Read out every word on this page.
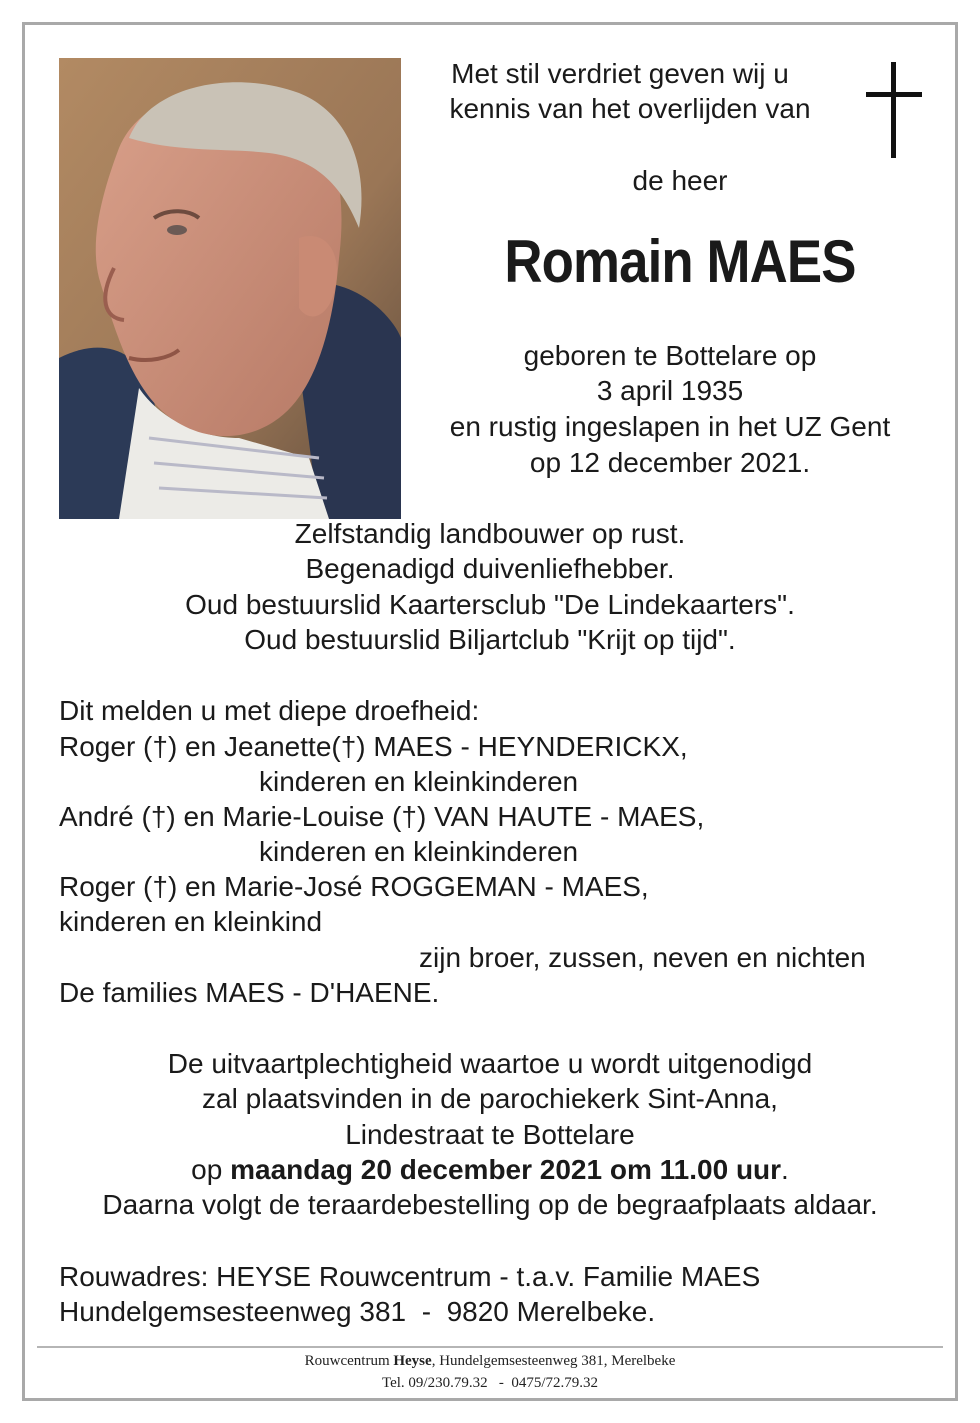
Met stil verdriet geven wij u
kennis van het overlijden van
de heer
Romain MAES
geboren te Bottelare op
3 april 1935
en rustig ingeslapen in het UZ Gent
op 12 december 2021.
Zelfstandig landbouwer op rust.
Begenadigd duivenliefhebber.
Oud bestuurslid Kaartersclub "De Lindekaarters".
Oud bestuurslid Biljartclub "Krijt op tijd".
Dit melden u met diepe droefheid:
Roger (†) en Jeanette(†) MAES - HEYNDERICKX,
kinderen en kleinkinderen
André (†) en Marie-Louise (†) VAN HAUTE - MAES,
kinderen en kleinkinderen
Roger (†) en Marie-José ROGGEMAN - MAES,
kinderen en kleinkind
zijn broer, zussen, neven en nichten
De families MAES - D'HAENE.
De uitvaartplechtigheid waartoe u wordt uitgenodigd
zal plaatsvinden in de parochiekerk Sint-Anna,
Lindestraat te Bottelare
op maandag 20 december 2021 om 11.00 uur.
Daarna volgt de teraardebestelling op de begraafplaats aldaar.
Rouwadres: HEYSE Rouwcentrum - t.a.v. Familie MAES
Hundelgemsesteenweg 381  -  9820 Merelbeke.
Rouwcentrum Heyse, Hundelgemsesteenweg 381, Merelbeke
Tel. 09/230.79.32   -  0475/72.79.32
